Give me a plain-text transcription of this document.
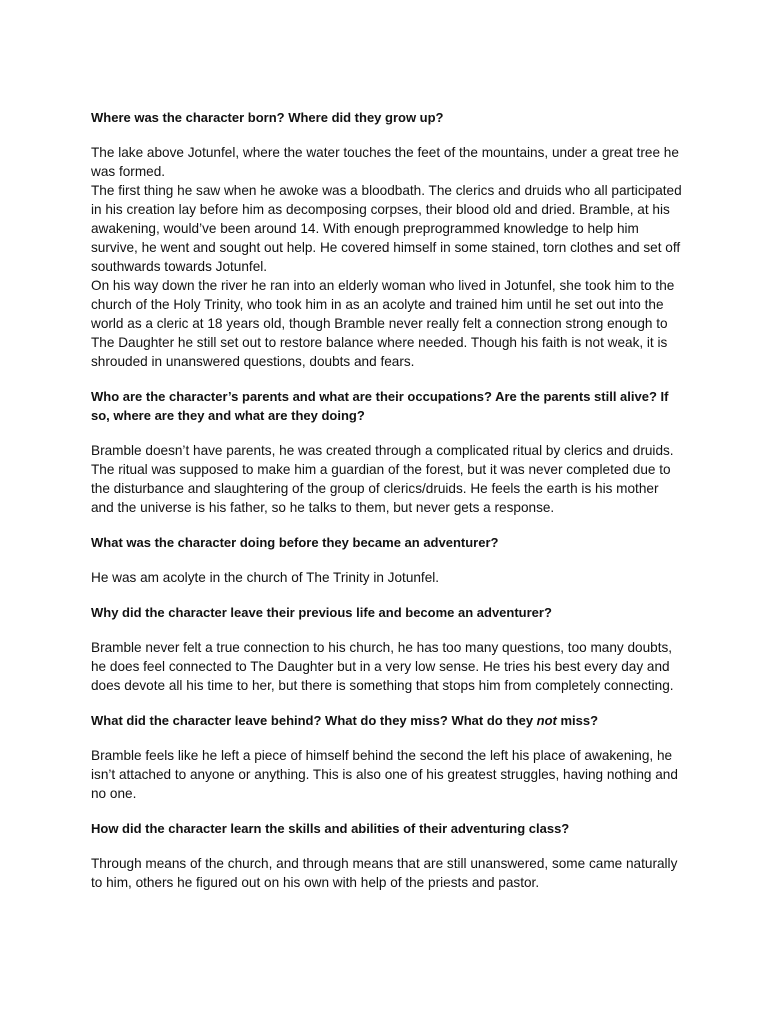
Where was the character born? Where did they grow up?

The lake above Jotunfel, where the water touches the feet of the mountains, under a great tree he was formed.

The first thing he saw when he awoke was a bloodbath. The clerics and druids who all participated in his creation lay before him as decomposing corpses, their blood old and dried. Bramble, at his awakening, would’ve been around 14. With enough preprogrammed knowledge to help him survive, he went and sought out help. He covered himself in some stained, torn clothes and set off southwards towards Jotunfel.

On his way down the river he ran into an elderly woman who lived in Jotunfel, she took him to the church of the Holy Trinity, who took him in as an acolyte and trained him until he set out into the world as a cleric at 18 years old, though Bramble never really felt a connection strong enough to The Daughter he still set out to restore balance where needed. Though his faith is not weak, it is shrouded in unanswered questions, doubts and fears.

Who are the character’s parents and what are their occupations? Are the parents still alive? If so, where are they and what are they doing?

Bramble doesn’t have parents, he was created through a complicated ritual by clerics and druids. The ritual was supposed to make him a guardian of the forest, but it was never completed due to the disturbance and slaughtering of the group of clerics/druids. He feels the earth is his mother and the universe is his father, so he talks to them, but never gets a response.

What was the character doing before they became an adventurer?

He was am acolyte in the church of The Trinity in Jotunfel.

Why did the character leave their previous life and become an adventurer?

Bramble never felt a true connection to his church, he has too many questions, too many doubts, he does feel connected to The Daughter but in a very low sense. He tries his best every day and does devote all his time to her, but there is something that stops him from completely connecting.

What did the character leave behind? What do they miss? What do they not miss?

Bramble feels like he left a piece of himself behind the second the left his place of awakening, he isn’t attached to anyone or anything. This is also one of his greatest struggles, having nothing and no one.

How did the character learn the skills and abilities of their adventuring class?

Through means of the church, and through means that are still unanswered, some came naturally to him, others he figured out on his own with help of the priests and pastor.
